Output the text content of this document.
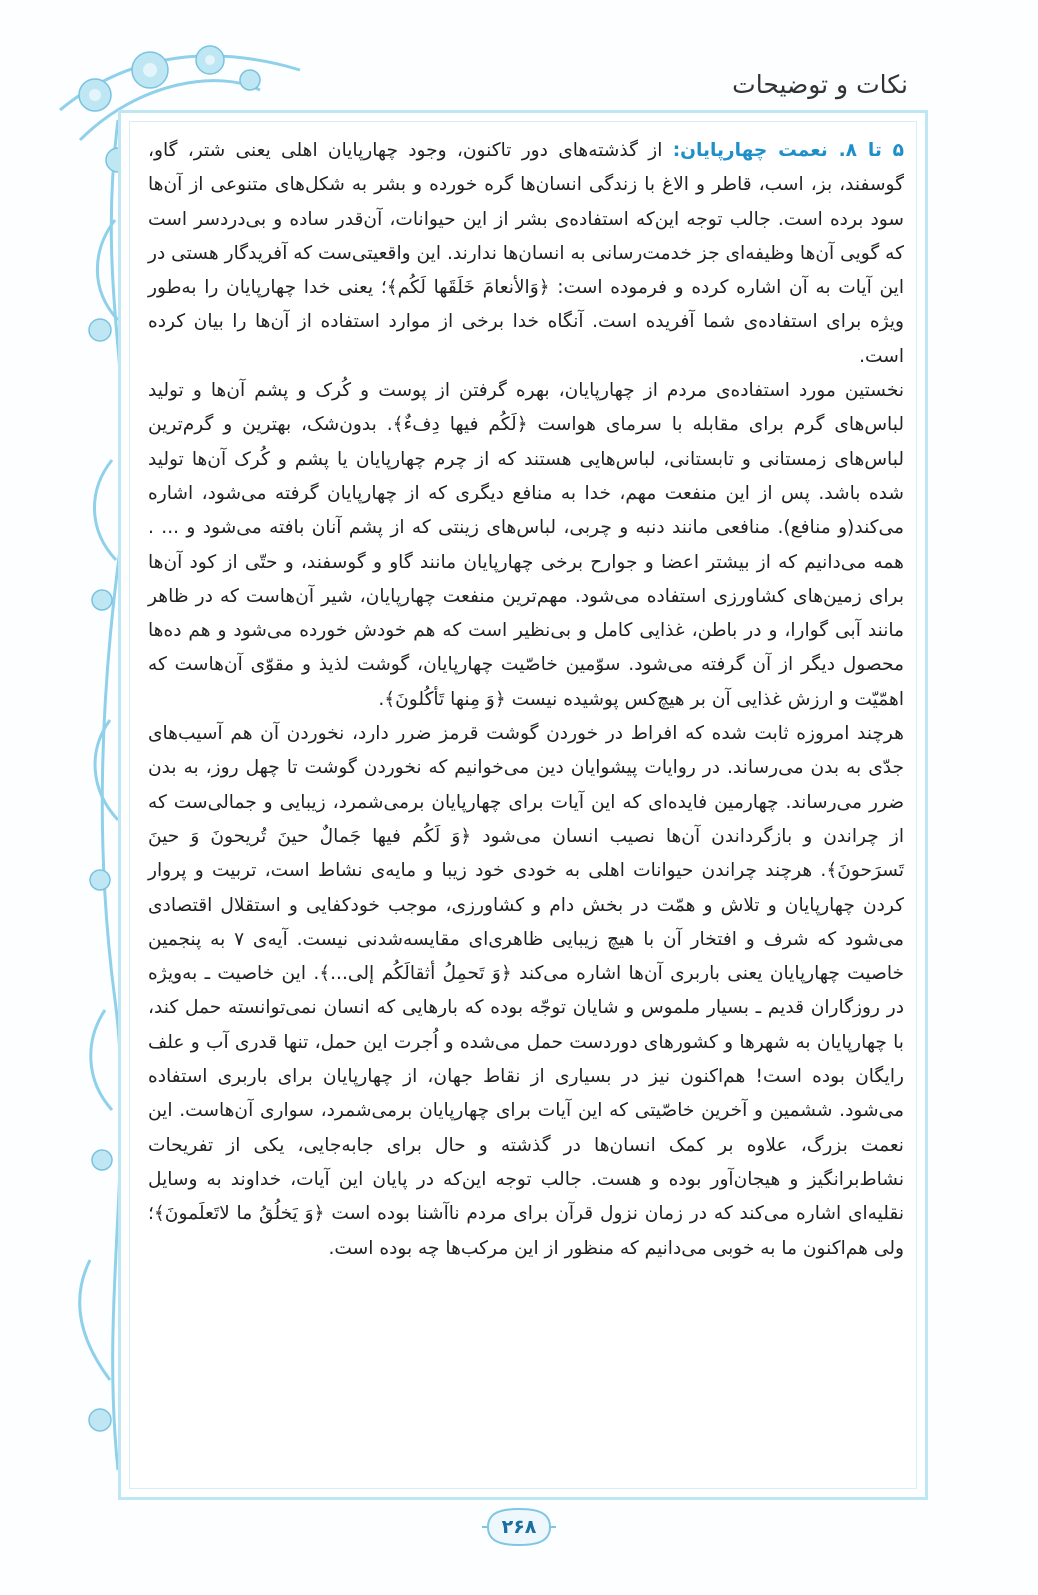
نکات و توضیحات

۵ تا ۸. نعمت چهارپایان: از گذشته‌های دور تاکنون، وجود چهارپایان اهلی یعنی شتر، گاو، گوسفند، بز، اسب، قاطر و الاغ با زندگی انسان‌ها گره خورده و بشر به شکل‌های متنوعی از آن‌ها سود برده است. جالب توجه این‌که استفاده‌ی بشر از این حیوانات، آن‌قدر ساده و بی‌دردسر است که گویی آن‌ها وظیفه‌ای جز خدمت‌رسانی به انسان‌ها ندارند. این واقعیتی‌ست که آفریدگار هستی در این آیات به آن اشاره کرده و فرموده است: ﴿وَالأنعامَ خَلَقَها لَکُم﴾؛ یعنی خدا چهارپایان را به‌طور ویژه برای استفاده‌ی شما آفریده است. آنگاه خدا برخی از موارد استفاده از آن‌ها را بیان کرده است.

نخستین مورد استفاده‌ی مردم از چهارپایان، بهره گرفتن از پوست و کُرک و پشم آن‌ها و تولید لباس‌های گرم برای مقابله با سرمای هواست ﴿لَکُم فیها دِفءٌ﴾. بدون‌شک، بهترین و گرم‌ترین لباس‌های زمستانی و تابستانی، لباس‌هایی هستند که از چرم چهارپایان یا پشم و کُرک آن‌ها تولید شده باشد. پس از این منفعت مهم، خدا به منافع دیگری که از چهارپایان گرفته می‌شود، اشاره می‌کند(و منافع). منافعی مانند دنبه و چربی، لباس‌های زینتی که از پشم آنان بافته می‌شود و ... . همه می‌دانیم که از بیشتر اعضا و جوارح برخی چهارپایان مانند گاو و گوسفند، و حتّی از کود آن‌ها برای زمین‌های کشاورزی استفاده می‌شود. مهم‌ترین منفعت چهارپایان، شیر آن‌هاست که در ظاهر مانند آبی گوارا، و در باطن، غذایی کامل و بی‌نظیر است که هم خودش خورده می‌شود و هم ده‌ها محصول دیگر از آن گرفته می‌شود. سوّمین خاصّیت چهارپایان، گوشت لذیذ و مقوّی آن‌هاست که اهمّیّت و ارزش غذایی آن بر هیچ‌کس پوشیده نیست ﴿وَ مِنها تَأکُلونَ﴾.

هرچند امروزه ثابت شده که افراط در خوردن گوشت قرمز ضرر دارد، نخوردن آن هم آسیب‌های جدّی به بدن می‌رساند. در روایات پیشوایان دین می‌خوانیم که نخوردن گوشت تا چهل روز، به بدن ضرر می‌رساند. چهارمین فایده‌ای که این آیات برای چهارپایان برمی‌شمرد، زیبایی و جمالی‌ست که از چراندن و بازگرداندن آن‌ها نصیب انسان می‌شود ﴿وَ لَکُم فیها جَمالٌ حینَ تُریحونَ وَ حینَ تَسرَحونَ﴾. هرچند چراندن حیوانات اهلی به خودی خود زیبا و مایه‌ی نشاط است، تربیت و پروار کردن چهارپایان و تلاش و همّت در بخش دام و کشاورزی، موجب خودکفایی و استقلال اقتصادی می‌شود که شرف و افتخار آن با هیچ زیبایی ظاهری‌ای مقایسه‌شدنی نیست. آیه‌ی ۷ به پنجمین خاصیت چهارپایان یعنی باربری آن‌ها اشاره می‌کند ﴿وَ تَحمِلُ أثقالَکُم إلی...﴾. این خاصیت ـ به‌ویژه در روزگاران قدیم ـ بسیار ملموس و شایان توجّه بوده که بارهایی که انسان نمی‌توانسته حمل کند، با چهارپایان به شهرها و کشورهای دوردست حمل می‌شده و اُجرت این حمل، تنها قدری آب و علف رایگان بوده است! هم‌اکنون نیز در بسیاری از نقاط جهان، از چهارپایان برای باربری استفاده می‌شود. ششمین و آخرین خاصّیتی که این آیات برای چهارپایان برمی‌شمرد، سواری آن‌هاست. این نعمت بزرگ، علاوه بر کمک انسان‌ها در گذشته و حال برای جابه‌جایی، یکی از تفریحات نشاط‌برانگیز و هیجان‌آور بوده و هست. جالب توجه این‌که در پایان این آیات، خداوند به وسایل نقلیه‌ای اشاره می‌کند که در زمان نزول قرآن برای مردم ناآشنا بوده است ﴿وَ یَخلُقُ ما لاتَعلَمونَ﴾؛ ولی هم‌اکنون ما به خوبی می‌دانیم که منظور از این مرکب‌ها چه بوده است.

۲۶۸
